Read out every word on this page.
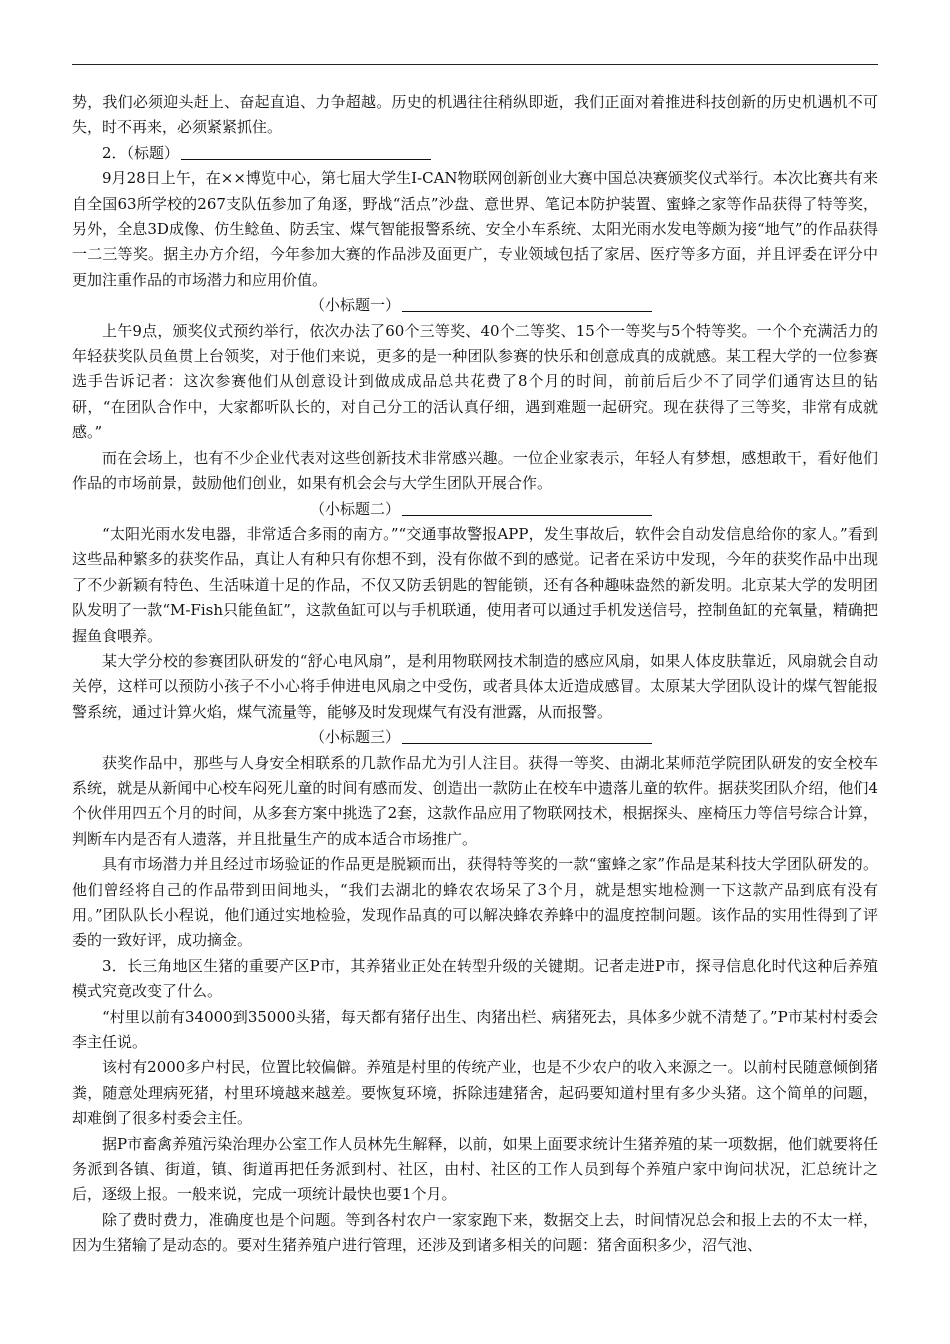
势，我们必须迎头赶上、奋起直追、力争超越。历史的机遇往往稍纵即逝，我们正面对着推进科技创新的历史机遇机不可失，时不再来，必须紧紧抓住。

2．（标题）

9月28日上午，在××博览中心，第七届大学生I-CAN物联网创新创业大赛中国总决赛颁奖仪式举行。本次比赛共有来自全国63所学校的267支队伍参加了角逐，野战“活点”沙盘、意世界、笔记本防护装置、蜜蜂之家等作品获得了特等奖，另外，全息3D成像、仿生鲶鱼、防丢宝、煤气智能报警系统、安全小车系统、太阳光雨水发电等颇为接“地气”的作品获得一二三等奖。据主办方介绍，今年参加大赛的作品涉及面更广，专业领域包括了家居、医疗等多方面，并且评委在评分中更加注重作品的市场潜力和应用价值。

（小标题一）

上午9点，颁奖仪式预约举行，依次办法了60个三等奖、40个二等奖、15个一等奖与5个特等奖。一个个充满活力的年轻获奖队员鱼贯上台领奖，对于他们来说，更多的是一种团队参赛的快乐和创意成真的成就感。某工程大学的一位参赛选手告诉记者：这次参赛他们从创意设计到做成成品总共花费了8个月的时间，前前后后少不了同学们通宵达旦的钻研，“在团队合作中，大家都听队长的，对自己分工的活认真仔细，遇到难题一起研究。现在获得了三等奖，非常有成就感。”

而在会场上，也有不少企业代表对这些创新技术非常感兴趣。一位企业家表示，年轻人有梦想，感想敢干，看好他们作品的市场前景，鼓励他们创业，如果有机会会与大学生团队开展合作。

（小标题二）

“太阳光雨水发电器，非常适合多雨的南方。”“交通事故警报APP，发生事故后，软件会自动发信息给你的家人。”看到这些品种繁多的获奖作品，真让人有种只有你想不到，没有你做不到的感觉。记者在采访中发现，今年的获奖作品中出现了不少新颖有特色、生活味道十足的作品，不仅又防丢钥匙的智能锁，还有各种趣味盎然的新发明。北京某大学的发明团队发明了一款“M-Fish只能鱼缸”，这款鱼缸可以与手机联通，使用者可以通过手机发送信号，控制鱼缸的充氧量，精确把握鱼食喂养。

某大学分校的参赛团队研发的“舒心电风扇”，是利用物联网技术制造的感应风扇，如果人体皮肤靠近，风扇就会自动关停，这样可以预防小孩子不小心将手伸进电风扇之中受伤，或者具体太近造成感冒。太原某大学团队设计的煤气智能报警系统，通过计算火焰，煤气流量等，能够及时发现煤气有没有泄露，从而报警。

（小标题三）

获奖作品中，那些与人身安全相联系的几款作品尤为引人注目。获得一等奖、由湖北某师范学院团队研发的安全校车系统，就是从新闻中心校车闷死儿童的时间有感而发、创造出一款防止在校车中遗落儿童的软件。据获奖团队介绍，他们4个伙伴用四五个月的时间，从多套方案中挑选了2套，这款作品应用了物联网技术，根据探头、座椅压力等信号综合计算，判断车内是否有人遗落，并且批量生产的成本适合市场推广。

具有市场潜力并且经过市场验证的作品更是脱颖而出，获得特等奖的一款“蜜蜂之家”作品是某科技大学团队研发的。他们曾经将自己的作品带到田间地头，“我们去湖北的蜂农农场呆了3个月，就是想实地检测一下这款产品到底有没有用。”团队队长小程说，他们通过实地检验，发现作品真的可以解决蜂农养蜂中的温度控制问题。该作品的实用性得到了评委的一致好评，成功摘金。

3．长三角地区生猪的重要产区P市，其养猪业正处在转型升级的关键期。记者走进P市，探寻信息化时代这种后养殖模式究竟改变了什么。

“村里以前有34000到35000头猪，每天都有猪仔出生、肉猪出栏、病猪死去，具体多少就不清楚了。”P市某村村委会李主任说。

该村有2000多户村民，位置比较偏僻。养殖是村里的传统产业，也是不少农户的收入来源之一。以前村民随意倾倒猪粪，随意处理病死猪，村里环境越来越差。要恢复环境，拆除违建猪舍，起码要知道村里有多少头猪。这个简单的问题，却难倒了很多村委会主任。

据P市畜禽养殖污染治理办公室工作人员林先生解释，以前，如果上面要求统计生猪养殖的某一项数据，他们就要将任务派到各镇、街道，镇、街道再把任务派到村、社区，由村、社区的工作人员到每个养殖户家中询问状况，汇总统计之后，逐级上报。一般来说，完成一项统计最快也要1个月。

除了费时费力，准确度也是个问题。等到各村农户一家家跑下来，数据交上去，时间情况总会和报上去的不太一样，因为生猪输了是动态的。要对生猪养殖户进行管理，还涉及到诸多相关的问题：猪舍面积多少，沼气池、
